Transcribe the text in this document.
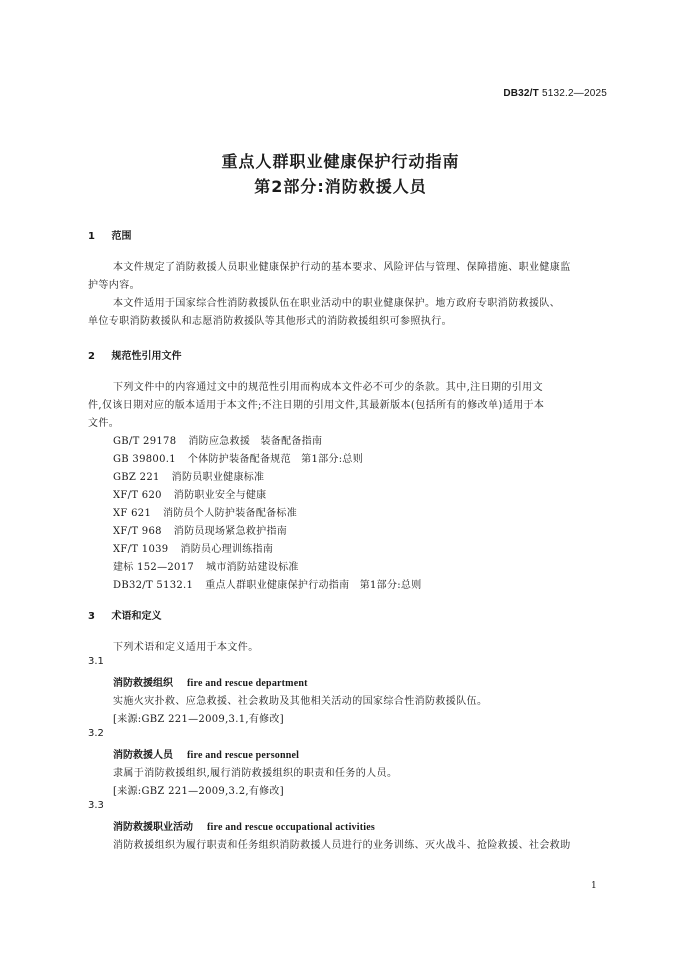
DB32/T 5132.2—2025
重点人群职业健康保护行动指南
第2部分:消防救援人员
1 范围
本文件规定了消防救援人员职业健康保护行动的基本要求、风险评估与管理、保障措施、职业健康监
护等内容。
本文件适用于国家综合性消防救援队伍在职业活动中的职业健康保护。地方政府专职消防救援队、
单位专职消防救援队和志愿消防救援队等其他形式的消防救援组织可参照执行。
2 规范性引用文件
下列文件中的内容通过文中的规范性引用而构成本文件必不可少的条款。其中,注日期的引用文
件,仅该日期对应的版本适用于本文件;不注日期的引用文件,其最新版本(包括所有的修改单)适用于本
文件。
GB/T 29178 消防应急救援　装备配备指南
GB 39800.1 个体防护装备配备规范　第1部分:总则
GBZ 221 消防员职业健康标准
XF/T 620 消防职业安全与健康
XF 621 消防员个人防护装备配备标准
XF/T 968 消防员现场紧急救护指南
XF/T 1039 消防员心理训练指南
建标 152—2017 城市消防站建设标准
DB32/T 5132.1 重点人群职业健康保护行动指南　第1部分:总则
3 术语和定义
下列术语和定义适用于本文件。
3.1
消防救援组织 fire and rescue department
实施火灾扑救、应急救援、社会救助及其他相关活动的国家综合性消防救援队伍。
[来源:GBZ 221—2009,3.1,有修改]
3.2
消防救援人员 fire and rescue personnel
隶属于消防救援组织,履行消防救援组织的职责和任务的人员。
[来源:GBZ 221—2009,3.2,有修改]
3.3
消防救援职业活动 fire and rescue occupational activities
消防救援组织为履行职责和任务组织消防救援人员进行的业务训练、灭火战斗、抢险救援、社会救助
1
